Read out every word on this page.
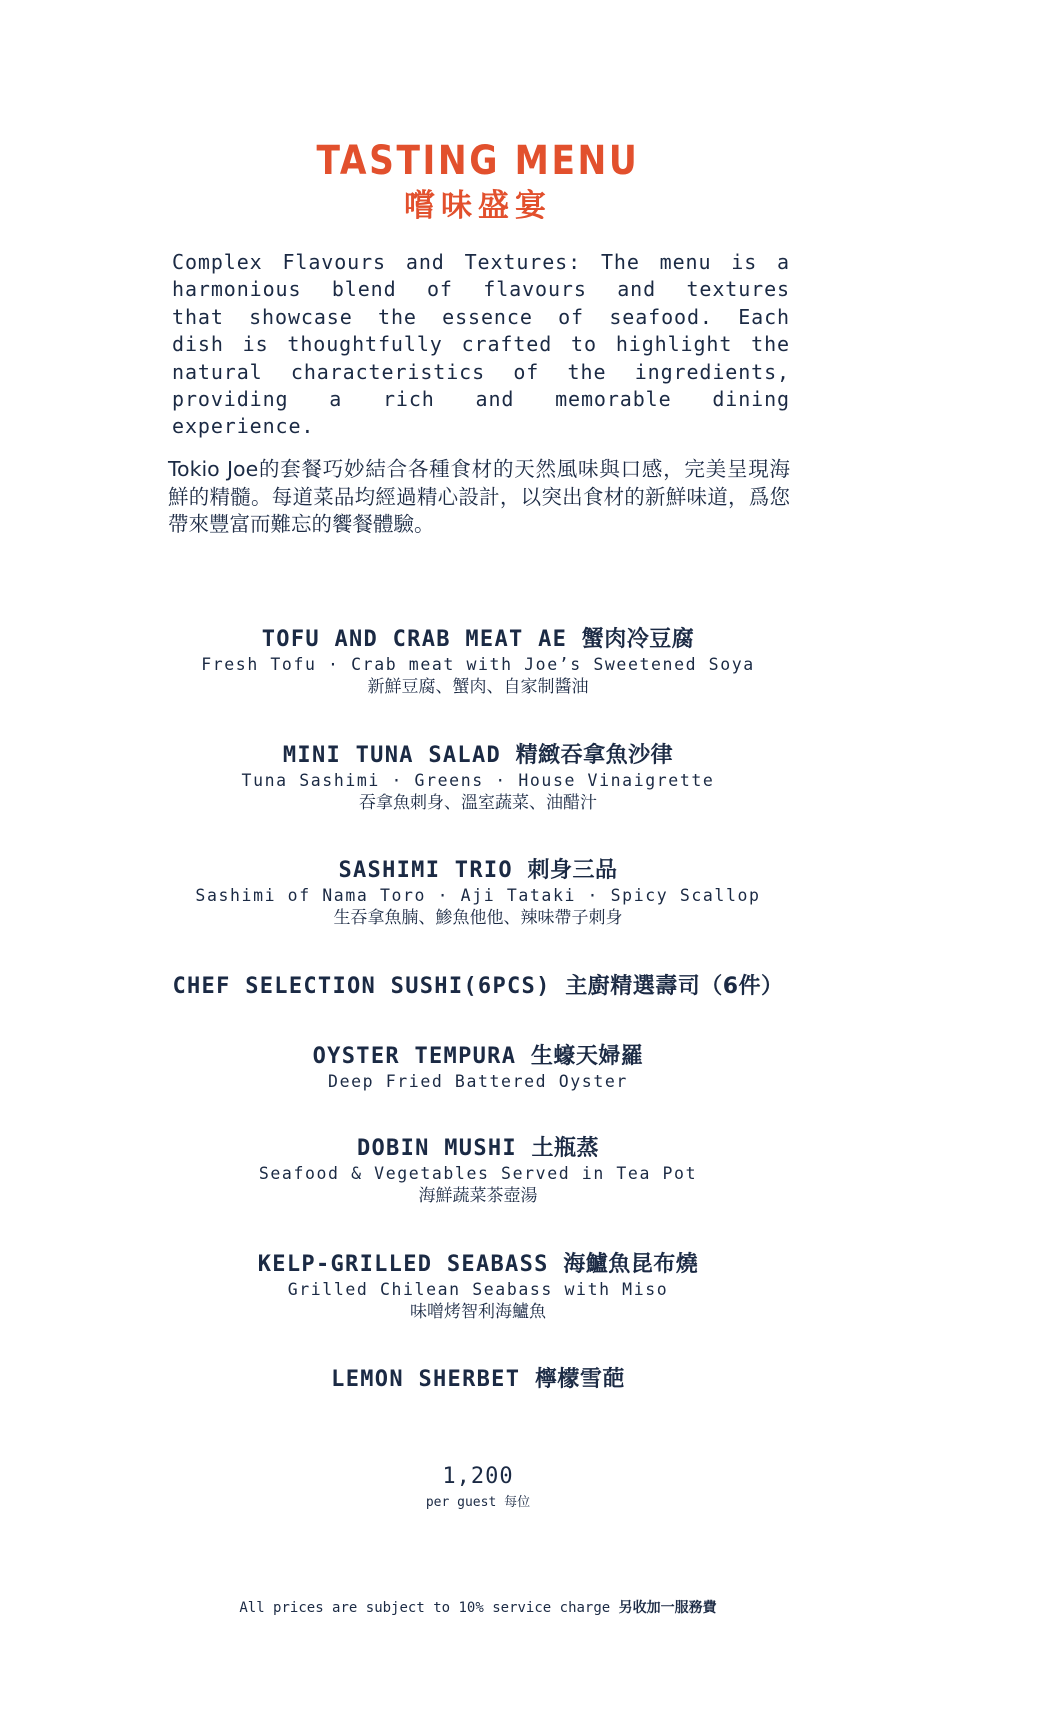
TASTING MENU
嚐味盛宴
Complex Flavours and Textures: The menu is a harmonious blend of flavours and textures that showcase the essence of seafood. Each dish is thoughtfully crafted to highlight the natural characteristics of the ingredients, providing a rich and memorable dining experience.
Tokio Joe的套餐巧妙結合各種食材的天然風味與口感，完美呈現海鮮的精髓。每道菜品均經過精心設計，以突出食材的新鮮味道，爲您帶來豐富而難忘的饗餐體驗。
TOFU AND CRAB MEAT AE 蟹肉冷豆腐
Fresh Tofu · Crab meat with Joe’s Sweetened Soya
新鮮豆腐、蟹肉、自家制醬油
MINI TUNA SALAD 精緻吞拿魚沙律
Tuna Sashimi · Greens · House Vinaigrette
吞拿魚刺身、溫室蔬菜、油醋汁
SASHIMI TRIO 刺身三品
Sashimi of Nama Toro · Aji Tataki · Spicy Scallop
生吞拿魚腩、鯵魚他他、辣味帶子刺身
CHEF SELECTION SUSHI(6PCS) 主廚精選壽司（6件）
OYSTER TEMPURA 生蠔天婦羅
Deep Fried Battered Oyster
DOBIN MUSHI 土瓶蒸
Seafood & Vegetables Served in Tea Pot
海鮮蔬菜茶壺湯
KELP-GRILLED SEABASS 海鱸魚昆布燒
Grilled Chilean Seabass with Miso
味噌烤智利海鱸魚
LEMON SHERBET 檸檬雪葩
1,200
per guest 每位
All prices are subject to 10% service charge 另收加一服務費
